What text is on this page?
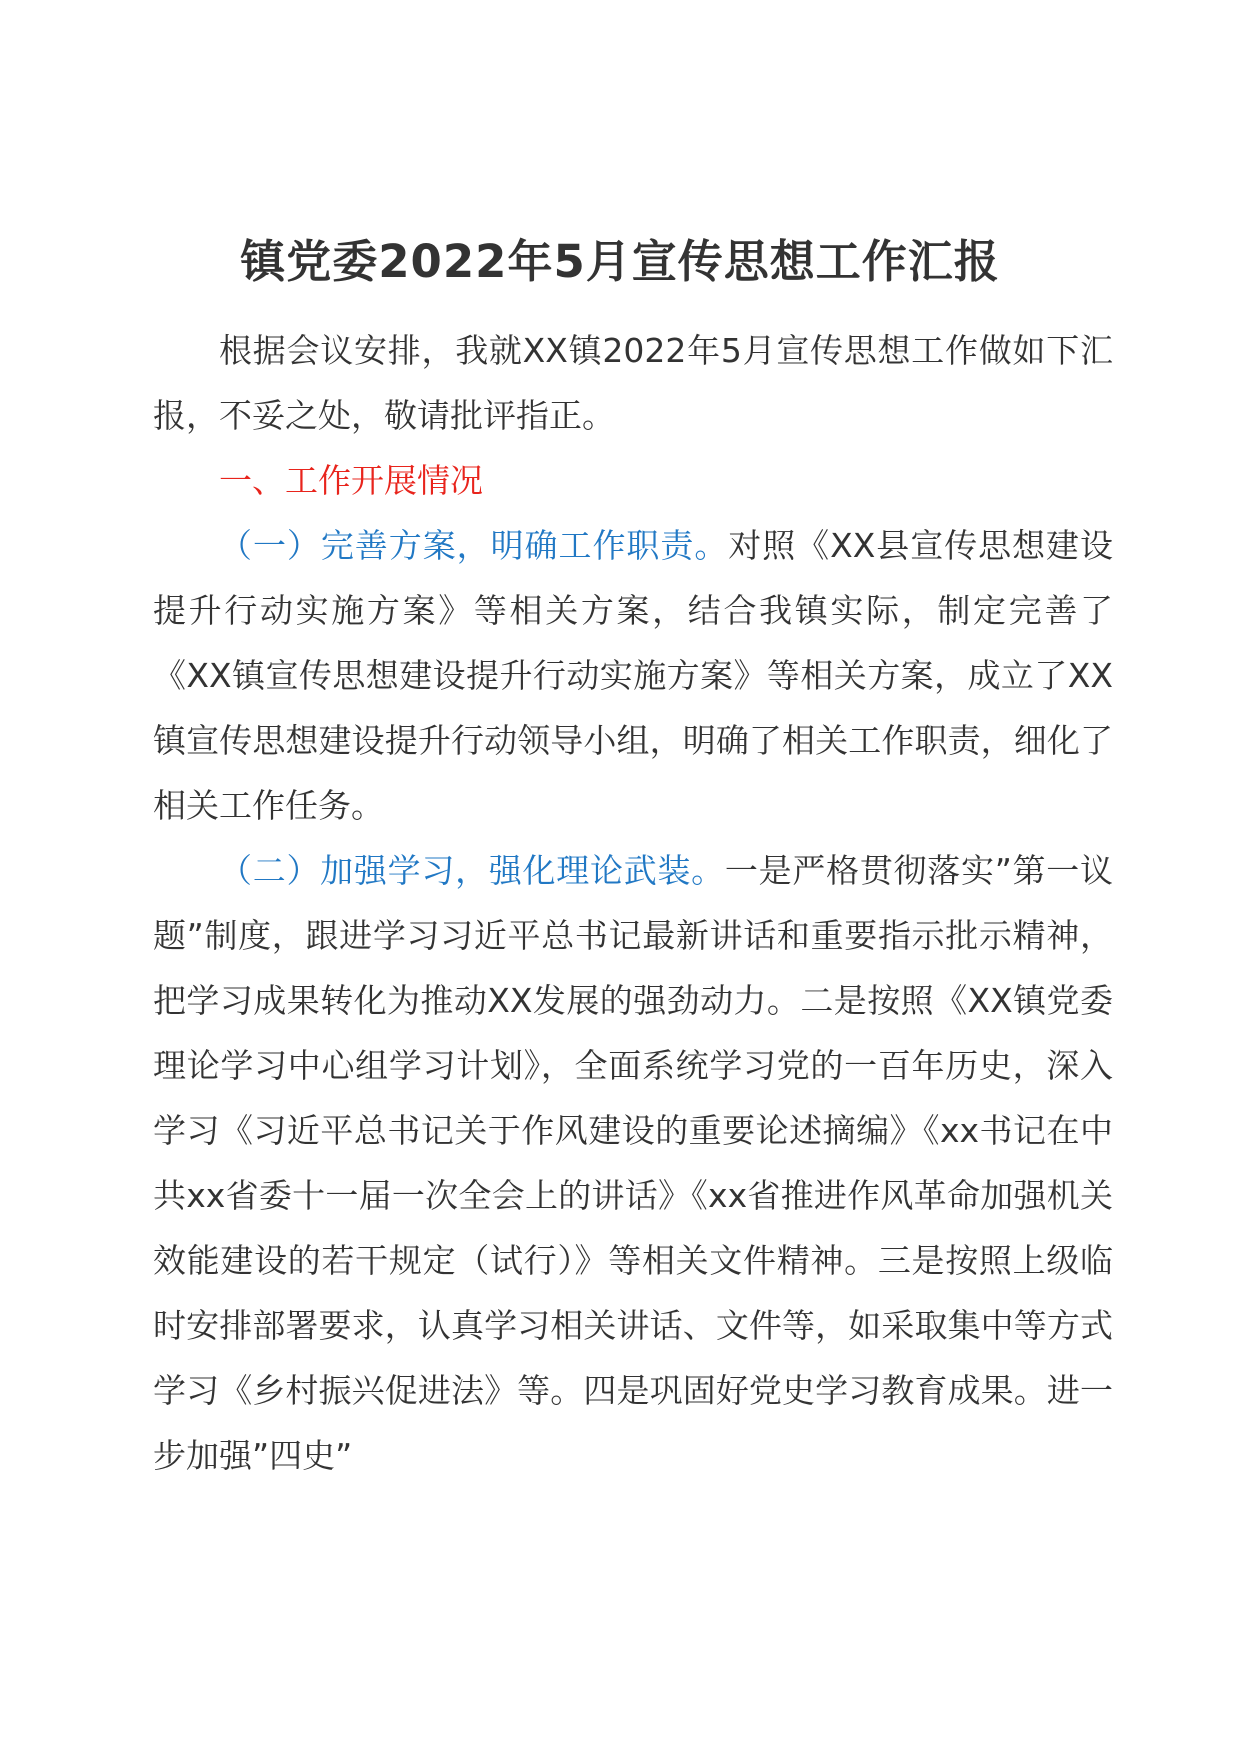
镇党委2022年5月宣传思想工作汇报

根据会议安排，我就XX镇2022年5月宣传思想工作做如下汇报，不妥之处，敬请批评指正。

一、工作开展情况

（一）完善方案，明确工作职责。对照《XX县宣传思想建设提升行动实施方案》等相关方案，结合我镇实际，制定完善了《XX镇宣传思想建设提升行动实施方案》等相关方案，成立了XX镇宣传思想建设提升行动领导小组，明确了相关工作职责，细化了相关工作任务。

（二）加强学习，强化理论武装。一是严格贯彻落实”第一议题”制度，跟进学习习近平总书记最新讲话和重要指示批示精神，把学习成果转化为推动XX发展的强劲动力。二是按照《XX镇党委理论学习中心组学习计划》，全面系统学习党的一百年历史，深入学习《习近平总书记关于作风建设的重要论述摘编》《xx书记在中共xx省委十一届一次全会上的讲话》《xx省推进作风革命加强机关效能建设的若干规定（试行）》等相关文件精神。三是按照上级临时安排部署要求，认真学习相关讲话、文件等，如采取集中等方式学习《乡村振兴促进法》等。四是巩固好党史学习教育成果。进一步加强”四史”
